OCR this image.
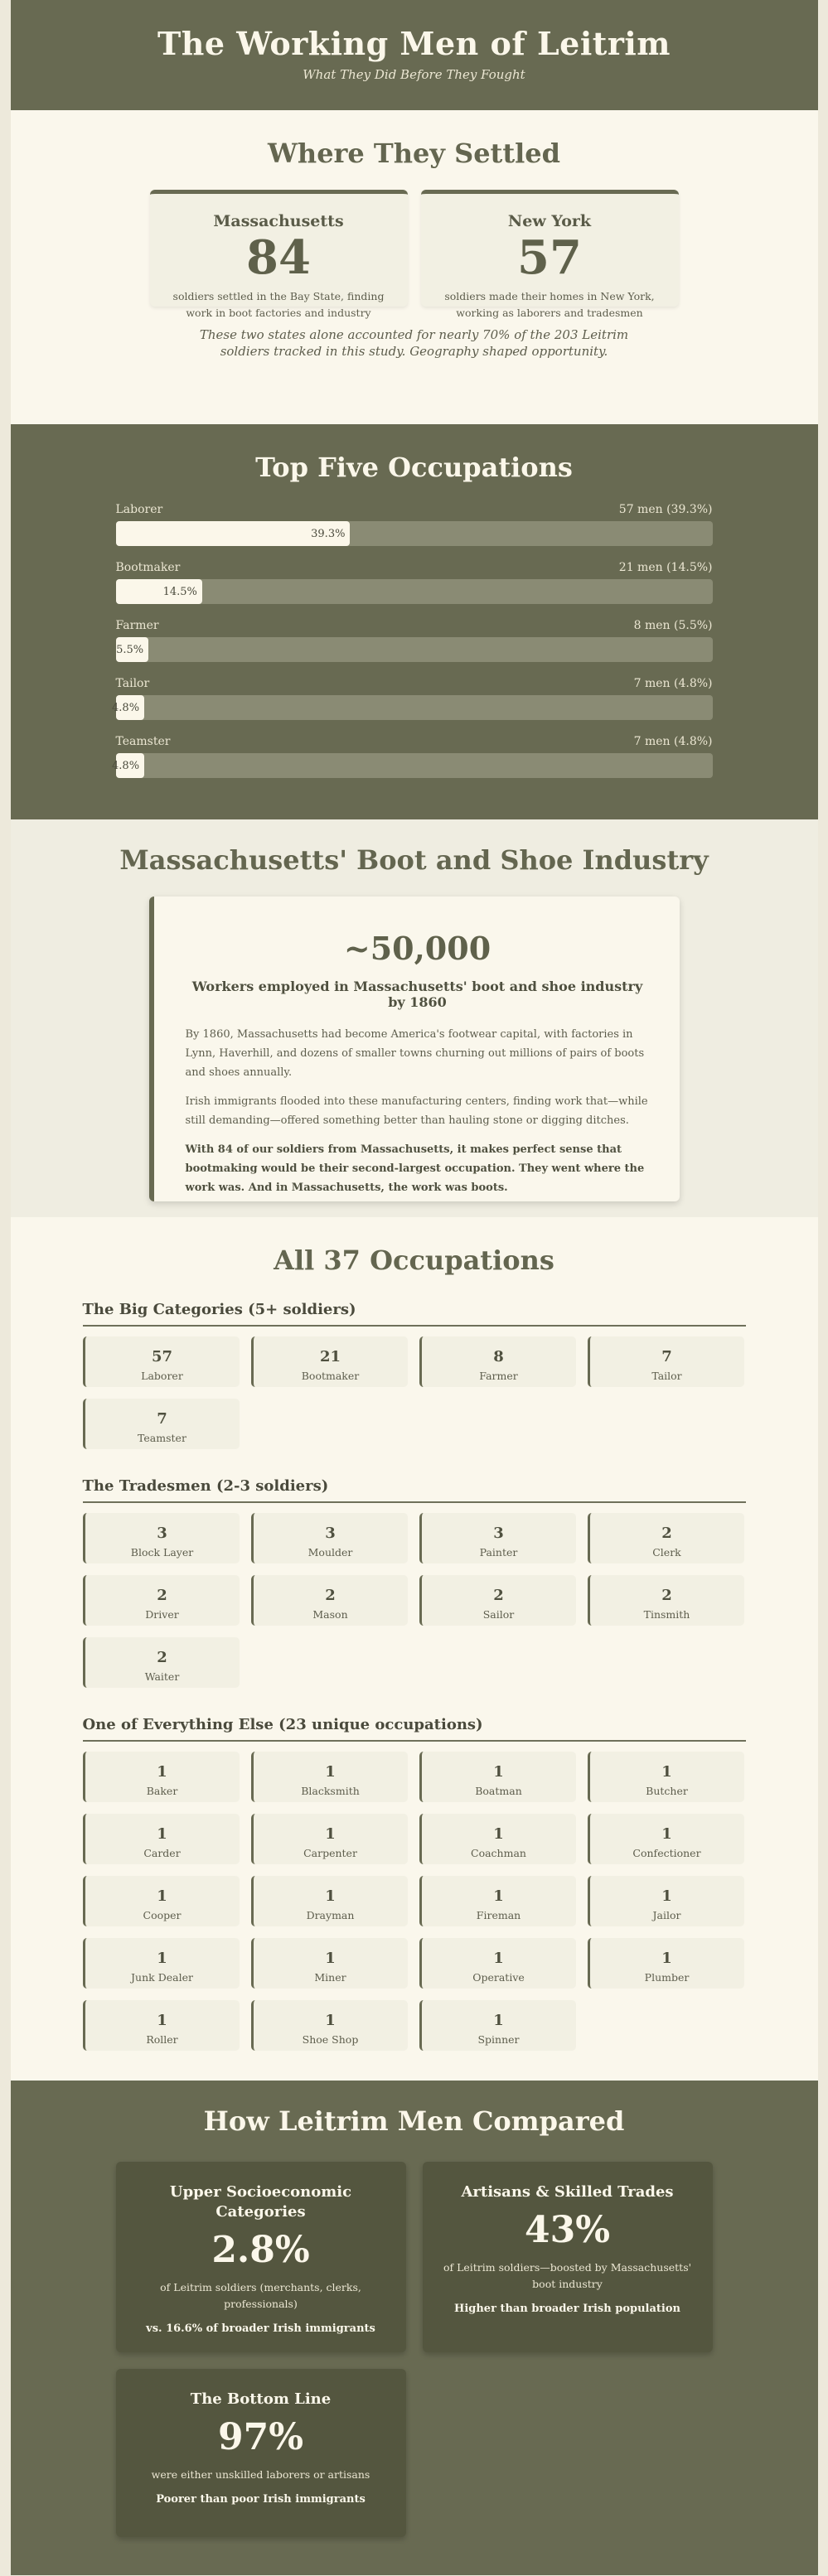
The Working Men of Leitrim

What They Did Before They Fought

Where They Settled
Massachusetts
84
soldiers settled in the Bay State, finding work in boot factories and industry
New York
57
soldiers made their homes in New York, working as laborers and tradesmen

These two states alone accounted for nearly 70% of the 203 Leitrim soldiers tracked in this study. Geography shaped opportunity.

Top Five Occupations
Laborer	57 men (39.3%)
39.3%
Bootmaker	21 men (14.5%)
14.5%
Farmer	8 men (5.5%)
5.5%
Tailor	7 men (4.8%)
4.8%
Teamster	7 men (4.8%)
4.8%
Massachusetts' Boot and Shoe Industry
~50,000
Workers employed in Massachusetts' boot and shoe industry by 1860

By 1860, Massachusetts had become America's footwear capital, with factories in Lynn, Haverhill, and dozens of smaller towns churning out millions of pairs of boots and shoes annually.

Irish immigrants flooded into these manufacturing centers, finding work that—while still demanding—offered something better than hauling stone or digging ditches.

With 84 of our soldiers from Massachusetts, it makes perfect sense that bootmaking would be their second-largest occupation. They went where the work was. And in Massachusetts, the work was boots.

All 37 Occupations
The Big Categories (5+ soldiers)
57
Laborer
21
Bootmaker
8
Farmer
7
Tailor
7
Teamster
The Tradesmen (2-3 soldiers)
3
Block Layer
3
Moulder
3
Painter
2
Clerk
2
Driver
2
Mason
2
Sailor
2
Tinsmith
2
Waiter
One of Everything Else (23 unique occupations)
1
Baker
1
Blacksmith
1
Boatman
1
Butcher
1
Carder
1
Carpenter
1
Coachman
1
Confectioner
1
Cooper
1
Drayman
1
Fireman
1
Jailor
1
Junk Dealer
1
Miner
1
Operative
1
Plumber
1
Roller
1
Shoe Shop
1
Spinner
How Leitrim Men Compared
Upper Socioeconomic Categories
2.8%
of Leitrim soldiers (merchants, clerks, professionals)
vs. 16.6% of broader Irish immigrants
Artisans & Skilled Trades
43%
of Leitrim soldiers—boosted by Massachusetts' boot industry
Higher than broader Irish population
The Bottom Line
97%
were either unskilled laborers or artisans
Poorer than poor Irish immigrants
